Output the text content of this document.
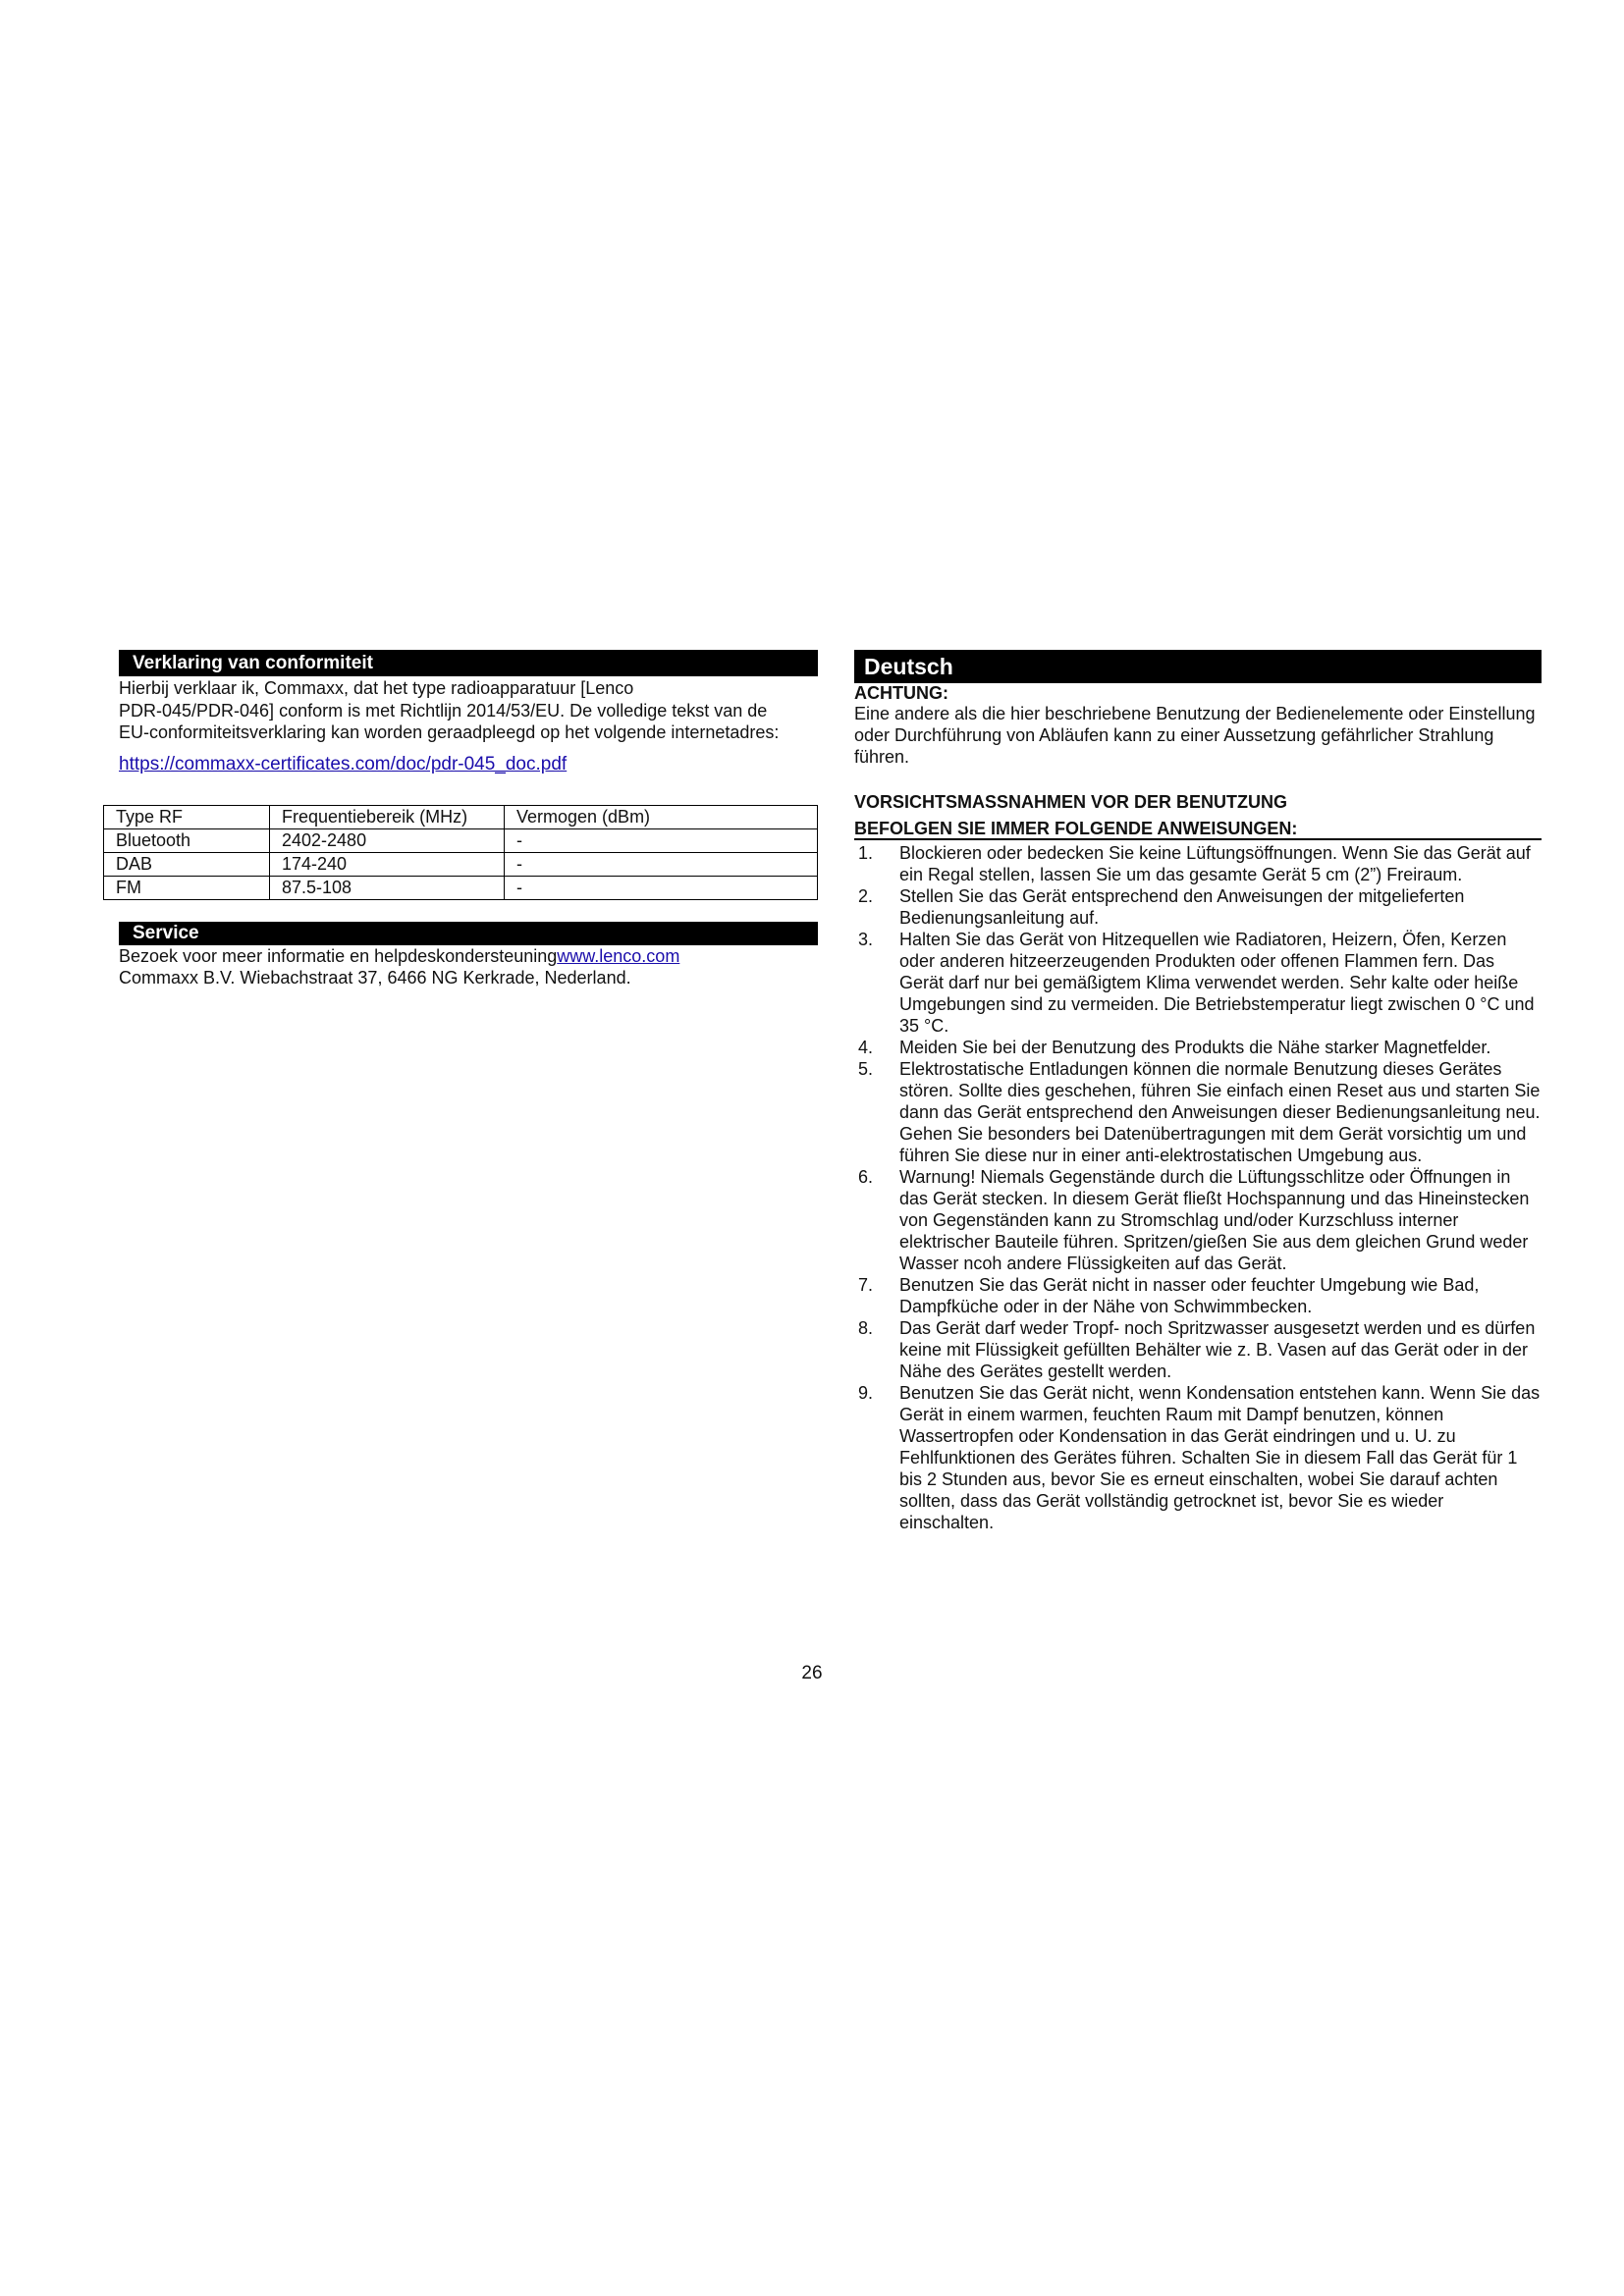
Verklaring van conformiteit

Hierbij verklaar ik, Commaxx, dat het type radioapparatuur [Lenco

PDR-045/PDR-046] conform is met Richtlijn 2014/53/EU. De volledige tekst van de EU-conformiteitsverklaring kan worden geraadpleegd op het volgende internetadres:

https://commaxx-certificates.com/doc/pdr-045_doc.pdf
Type RF	Frequentiebereik (MHz)	Vermogen (dBm)
Bluetooth	2402-2480	-
DAB	174-240	-
FM	87.5-108	-
Service

Bezoek voor meer informatie en helpdeskondersteuningwww.lenco.com

Commaxx B.V. Wiebachstraat 37, 6466 NG Kerkrade, Nederland.

Deutsch
ACHTUNG:

Eine andere als die hier beschriebene Benutzung der Bedienelemente oder Einstellung oder Durchführung von Abläufen kann zu einer Aussetzung gefährlicher Strahlung führen.

VORSICHTSMASSNAHMEN VOR DER BENUTZUNG
BEFOLGEN SIE IMMER FOLGENDE ANWEISUNGEN:
1. Blockieren oder bedecken Sie keine Lüftungsöffnungen. Wenn Sie das Gerät auf ein Regal stellen, lassen Sie um das gesamte Gerät 5 cm (2”) Freiraum.
2. Stellen Sie das Gerät entsprechend den Anweisungen der mitgelieferten Bedienungsanleitung auf.
3. Halten Sie das Gerät von Hitzequellen wie Radiatoren, Heizern, Öfen, Kerzen oder anderen hitzeerzeugenden Produkten oder offenen Flammen fern. Das Gerät darf nur bei gemäßigtem Klima verwendet werden. Sehr kalte oder heiße Umgebungen sind zu vermeiden. Die Betriebstemperatur liegt zwischen 0 °C und 35 °C.
4. Meiden Sie bei der Benutzung des Produkts die Nähe starker Magnetfelder.
5. Elektrostatische Entladungen können die normale Benutzung dieses Gerätes stören. Sollte dies geschehen, führen Sie einfach einen Reset aus und starten Sie dann das Gerät entsprechend den Anweisungen dieser Bedienungsanleitung neu. Gehen Sie besonders bei Datenübertragungen mit dem Gerät vorsichtig um und führen Sie diese nur in einer anti-elektrostatischen Umgebung aus.
6. Warnung! Niemals Gegenstände durch die Lüftungsschlitze oder Öffnungen in das Gerät stecken. In diesem Gerät fließt Hochspannung und das Hineinstecken von Gegenständen kann zu Stromschlag und/oder Kurzschluss interner elektrischer Bauteile führen. Spritzen/gießen Sie aus dem gleichen Grund weder Wasser ncoh andere Flüssigkeiten auf das Gerät.
7. Benutzen Sie das Gerät nicht in nasser oder feuchter Umgebung wie Bad, Dampfküche oder in der Nähe von Schwimmbecken.
8. Das Gerät darf weder Tropf- noch Spritzwasser ausgesetzt werden und es dürfen keine mit Flüssigkeit gefüllten Behälter wie z. B. Vasen auf das Gerät oder in der Nähe des Gerätes gestellt werden.
9. Benutzen Sie das Gerät nicht, wenn Kondensation entstehen kann. Wenn Sie das Gerät in einem warmen, feuchten Raum mit Dampf benutzen, können Wassertropfen oder Kondensation in das Gerät eindringen und u. U. zu Fehlfunktionen des Gerätes führen. Schalten Sie in diesem Fall das Gerät für 1 bis 2 Stunden aus, bevor Sie es erneut einschalten, wobei Sie darauf achten sollten, dass das Gerät vollständig getrocknet ist, bevor Sie es wieder einschalten.
26
